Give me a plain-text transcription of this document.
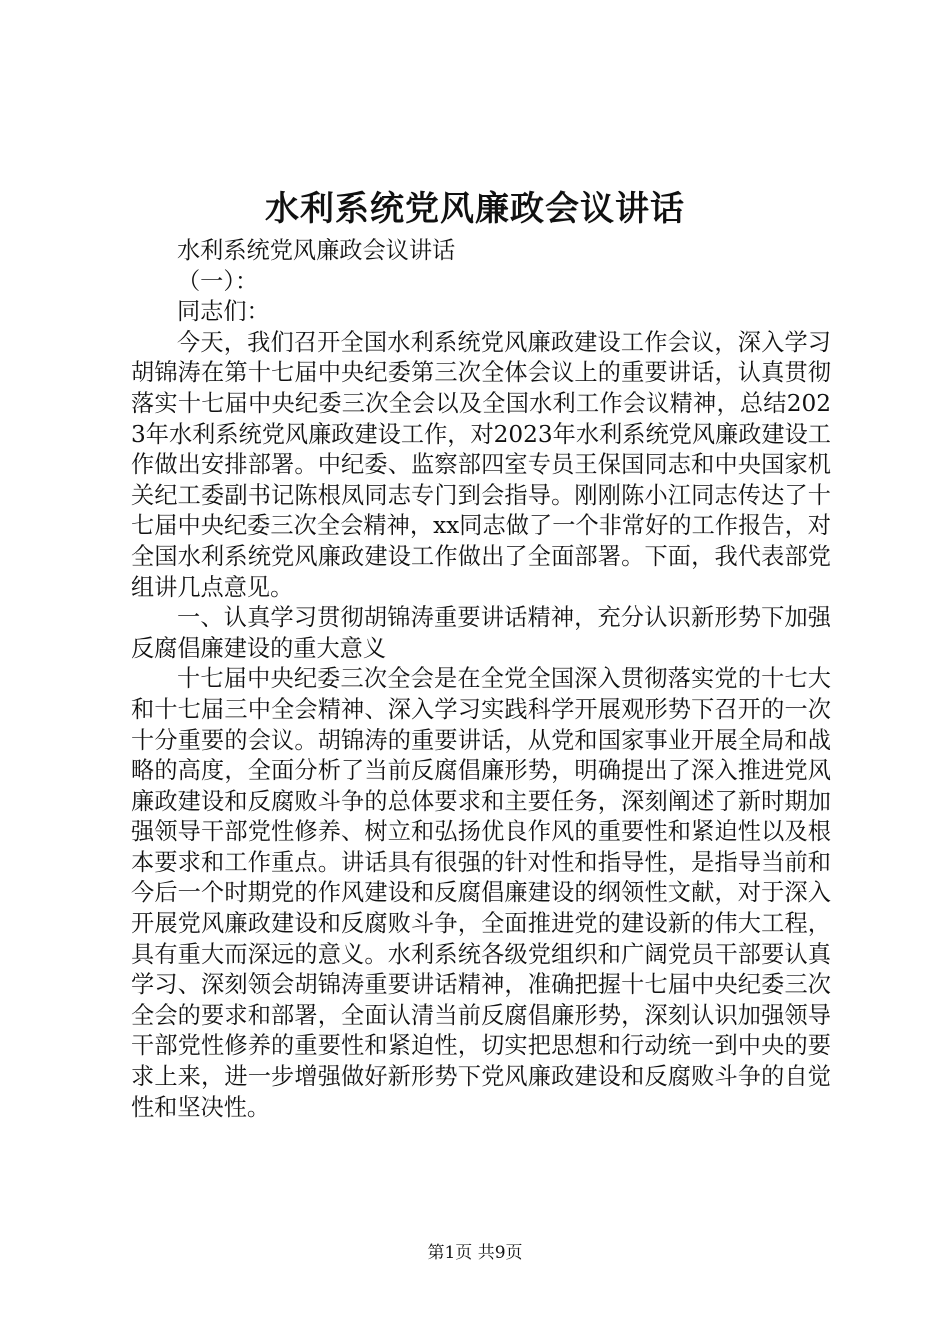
水利系统党风廉政会议讲话

水利系统党风廉政会议讲话

（一）：

同志们：

今天，我们召开全国水利系统党风廉政建设工作会议，深入学习胡锦涛在第十七届中央纪委第三次全体会议上的重要讲话，认真贯彻落实十七届中央纪委三次全会以及全国水利工作会议精神，总结2023年水利系统党风廉政建设工作，对2023年水利系统党风廉政建设工作做出安排部署。中纪委、监察部四室专员王保国同志和中央国家机关纪工委副书记陈根凤同志专门到会指导。刚刚陈小江同志传达了十七届中央纪委三次全会精神，xx同志做了一个非常好的工作报告，对全国水利系统党风廉政建设工作做出了全面部署。下面，我代表部党组讲几点意见。

一、认真学习贯彻胡锦涛重要讲话精神，充分认识新形势下加强反腐倡廉建设的重大意义

十七届中央纪委三次全会是在全党全国深入贯彻落实党的十七大和十七届三中全会精神、深入学习实践科学开展观形势下召开的一次十分重要的会议。胡锦涛的重要讲话，从党和国家事业开展全局和战略的高度，全面分析了当前反腐倡廉形势，明确提出了深入推进党风廉政建设和反腐败斗争的总体要求和主要任务，深刻阐述了新时期加强领导干部党性修养、树立和弘扬优良作风的重要性和紧迫性以及根本要求和工作重点。讲话具有很强的针对性和指导性，是指导当前和今后一个时期党的作风建设和反腐倡廉建设的纲领性文献，对于深入开展党风廉政建设和反腐败斗争，全面推进党的建设新的伟大工程，具有重大而深远的意义。水利系统各级党组织和广阔党员干部要认真学习、深刻领会胡锦涛重要讲话精神，准确把握十七届中央纪委三次全会的要求和部署，全面认清当前反腐倡廉形势，深刻认识加强领导干部党性修养的重要性和紧迫性，切实把思想和行动统一到中央的要求上来，进一步增强做好新形势下党风廉政建设和反腐败斗争的自觉性和坚决性。

第1页 共9页
